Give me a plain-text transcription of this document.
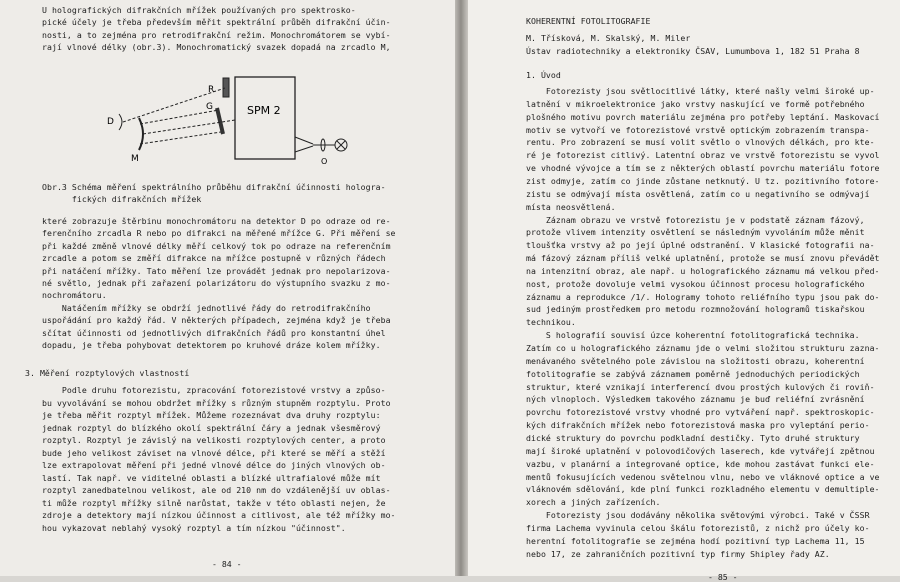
U holografických difrakčních mřížek používaných pro spektrosko-
pické účely je třeba především měřit spektrální průběh difrakční účin-
nosti, a to zejména pro retrodifrakční režim. Monochromátorem se vybí-
rají vlnové délky (obr.3). Monochromatický svazek dopadá na zrcadlo M,
R
G
D
M	O
SPM 2
Obr.3 Schéma měření spektrálního průběhu difrakční účinnosti hologra-
fických difrakčních mřížek
které zobrazuje štěrbinu monochromátoru na detektor D po odraze od re-
ferenčního zrcadla R nebo po difrakci na měřené mřížce G. Při měření se
při každé změně vlnové délky měří celkový tok po odraze na referenčním
zrcadle a potom se změří difrakce na mřížce postupně v různých řádech
při natáčení mřížky. Tato měření lze provádět jednak pro nepolarizova-
né světlo, jednak při zařazení polarizátoru do výstupního svazku z mo-
nochromátoru.
Natáčením mřížky se obdrží jednotlivé řády do retrodifrakčního
uspořádání pro každý řád. V některých případech, zejména když je třeba
sčítat účinnosti od jednotlivých difrakčních řádů pro konstantní úhel
dopadu, je třeba pohybovat detektorem po kruhové dráze kolem mřížky.
3. Měření rozptylových vlastností
Podle druhu fotorezistu, zpracování fotorezistové vrstvy a způso-
bu vyvolávání se mohou obdržet mřížky s různým stupněm rozptylu. Proto
je třeba měřit rozptyl mřížek. Můžeme rozeznávat dva druhy rozptylu:
jednak rozptyl do blízkého okolí spektrální čáry a jednak všesměrový
rozptyl. Rozptyl je závislý na velikosti rozptylových center, a proto
bude jeho velikost záviset na vlnové délce, při které se měří a stěží
lze extrapolovat měření při jedné vlnové délce do jiných vlnových ob-
lastí. Tak např. ve viditelné oblasti a blízké ultrafialové může mít
rozptyl zanedbatelnou velikost, ale od 210 nm do vzdálenější uv oblas-
ti může rozptyl mřížky silně narůstat, takže v této oblasti nejen, že
zdroje a detektory mají nízkou účinnost a citlivost, ale též mřížky mo-
hou vykazovat neblahý vysoký rozptyl a tím nízkou "účinnost".
- 84 -
KOHERENTNÍ FOTOLITOGRAFIE
M. Třísková, M. Skalský, M. Miler
Ústav radiotechniky a elektroniky ČSAV, Lumumbova 1, 182 51 Praha 8
1. Úvod
Fotorezisty jsou světlocitlivé látky, které našly velmi široké up-
latnění v mikroelektronice jako vrstvy naskující ve formě potřebného
plošného motivu povrch materiálu zejména pro potřeby leptání. Maskovací
motiv se vytvoří ve fotorezistové vrstvě optickým zobrazením transpa-
rentu. Pro zobrazení se musí volit světlo o vlnových délkách, pro kte-
ré je fotorezist citlivý. Latentní obraz ve vrstvě fotorezistu se vyvol
ve vhodné vývojce a tím se z některých oblastí povrchu materiálu fotore
zist odmyje, zatím co jinde zůstane netknutý. U tz. pozitivního fotore-
zistu se odmývají místa osvětlená, zatím co u negativního se odmývají
místa neosvětlená.
Záznam obrazu ve vrstvě fotorezistu je v podstatě záznam fázový,
protože vlivem intenzity osvětlení se následným vyvoláním může měnit
tloušťka vrstvy až po její úplné odstranění. V klasické fotografii na-
má fázový záznam příliš velké uplatnění, protože se musí znovu převádět
na intenzitní obraz, ale např. u holografického záznamu má velkou před-
nost, protože dovoluje velmi vysokou účinnost procesu holografického
záznamu a reprodukce /1/. Hologramy tohoto reliéfního typu jsou pak do-
sud jediným prostředkem pro metodu rozmnožování hologramů tiskařskou
technikou.
S holografií souvisí úzce koherentní fotolitografická technika.
Zatím co u holografického záznamu jde o velmi složitou strukturu zazna-
menávaného světelného pole závislou na složitosti obrazu, koherentní
fotolitografie se zabývá záznamem poměrně jednoduchých periodických
struktur, které vznikají interferencí dvou prostých kulových či roviň-
ných vlnoploch. Výsledkem takového záznamu je buď reliéfní zvrásnění
povrchu fotorezistové vrstvy vhodné pro vytváření např. spektroskopic-
kých difrakčních mřížek nebo fotorezistová maska pro vyleptání perio-
dické struktury do povrchu podkladní destičky. Tyto druhé struktury
mají široké uplatnění v polovodičových laserech, kde vytvářejí zpětnou
vazbu, v planární a integrované optice, kde mohou zastávat funkci ele-
mentů fokusujících vedenou světelnou vlnu, nebo ve vláknové optice a ve
vláknovém sdělování, kde plní funkci rozkladného elementu v demultiple-
xorech a jiných zařízeních.
Fotorezisty jsou dodávány několika světovými výrobci. Také v ČSSR
firma Lachema vyvinula celou škálu fotorezistů, z nichž pro účely ko-
herentní fotolitografie se zejména hodí pozitivní typ Lachema 11, 15
nebo 17, ze zahraničních pozitivní typ firmy Shipley řady AZ.
- 85 -
